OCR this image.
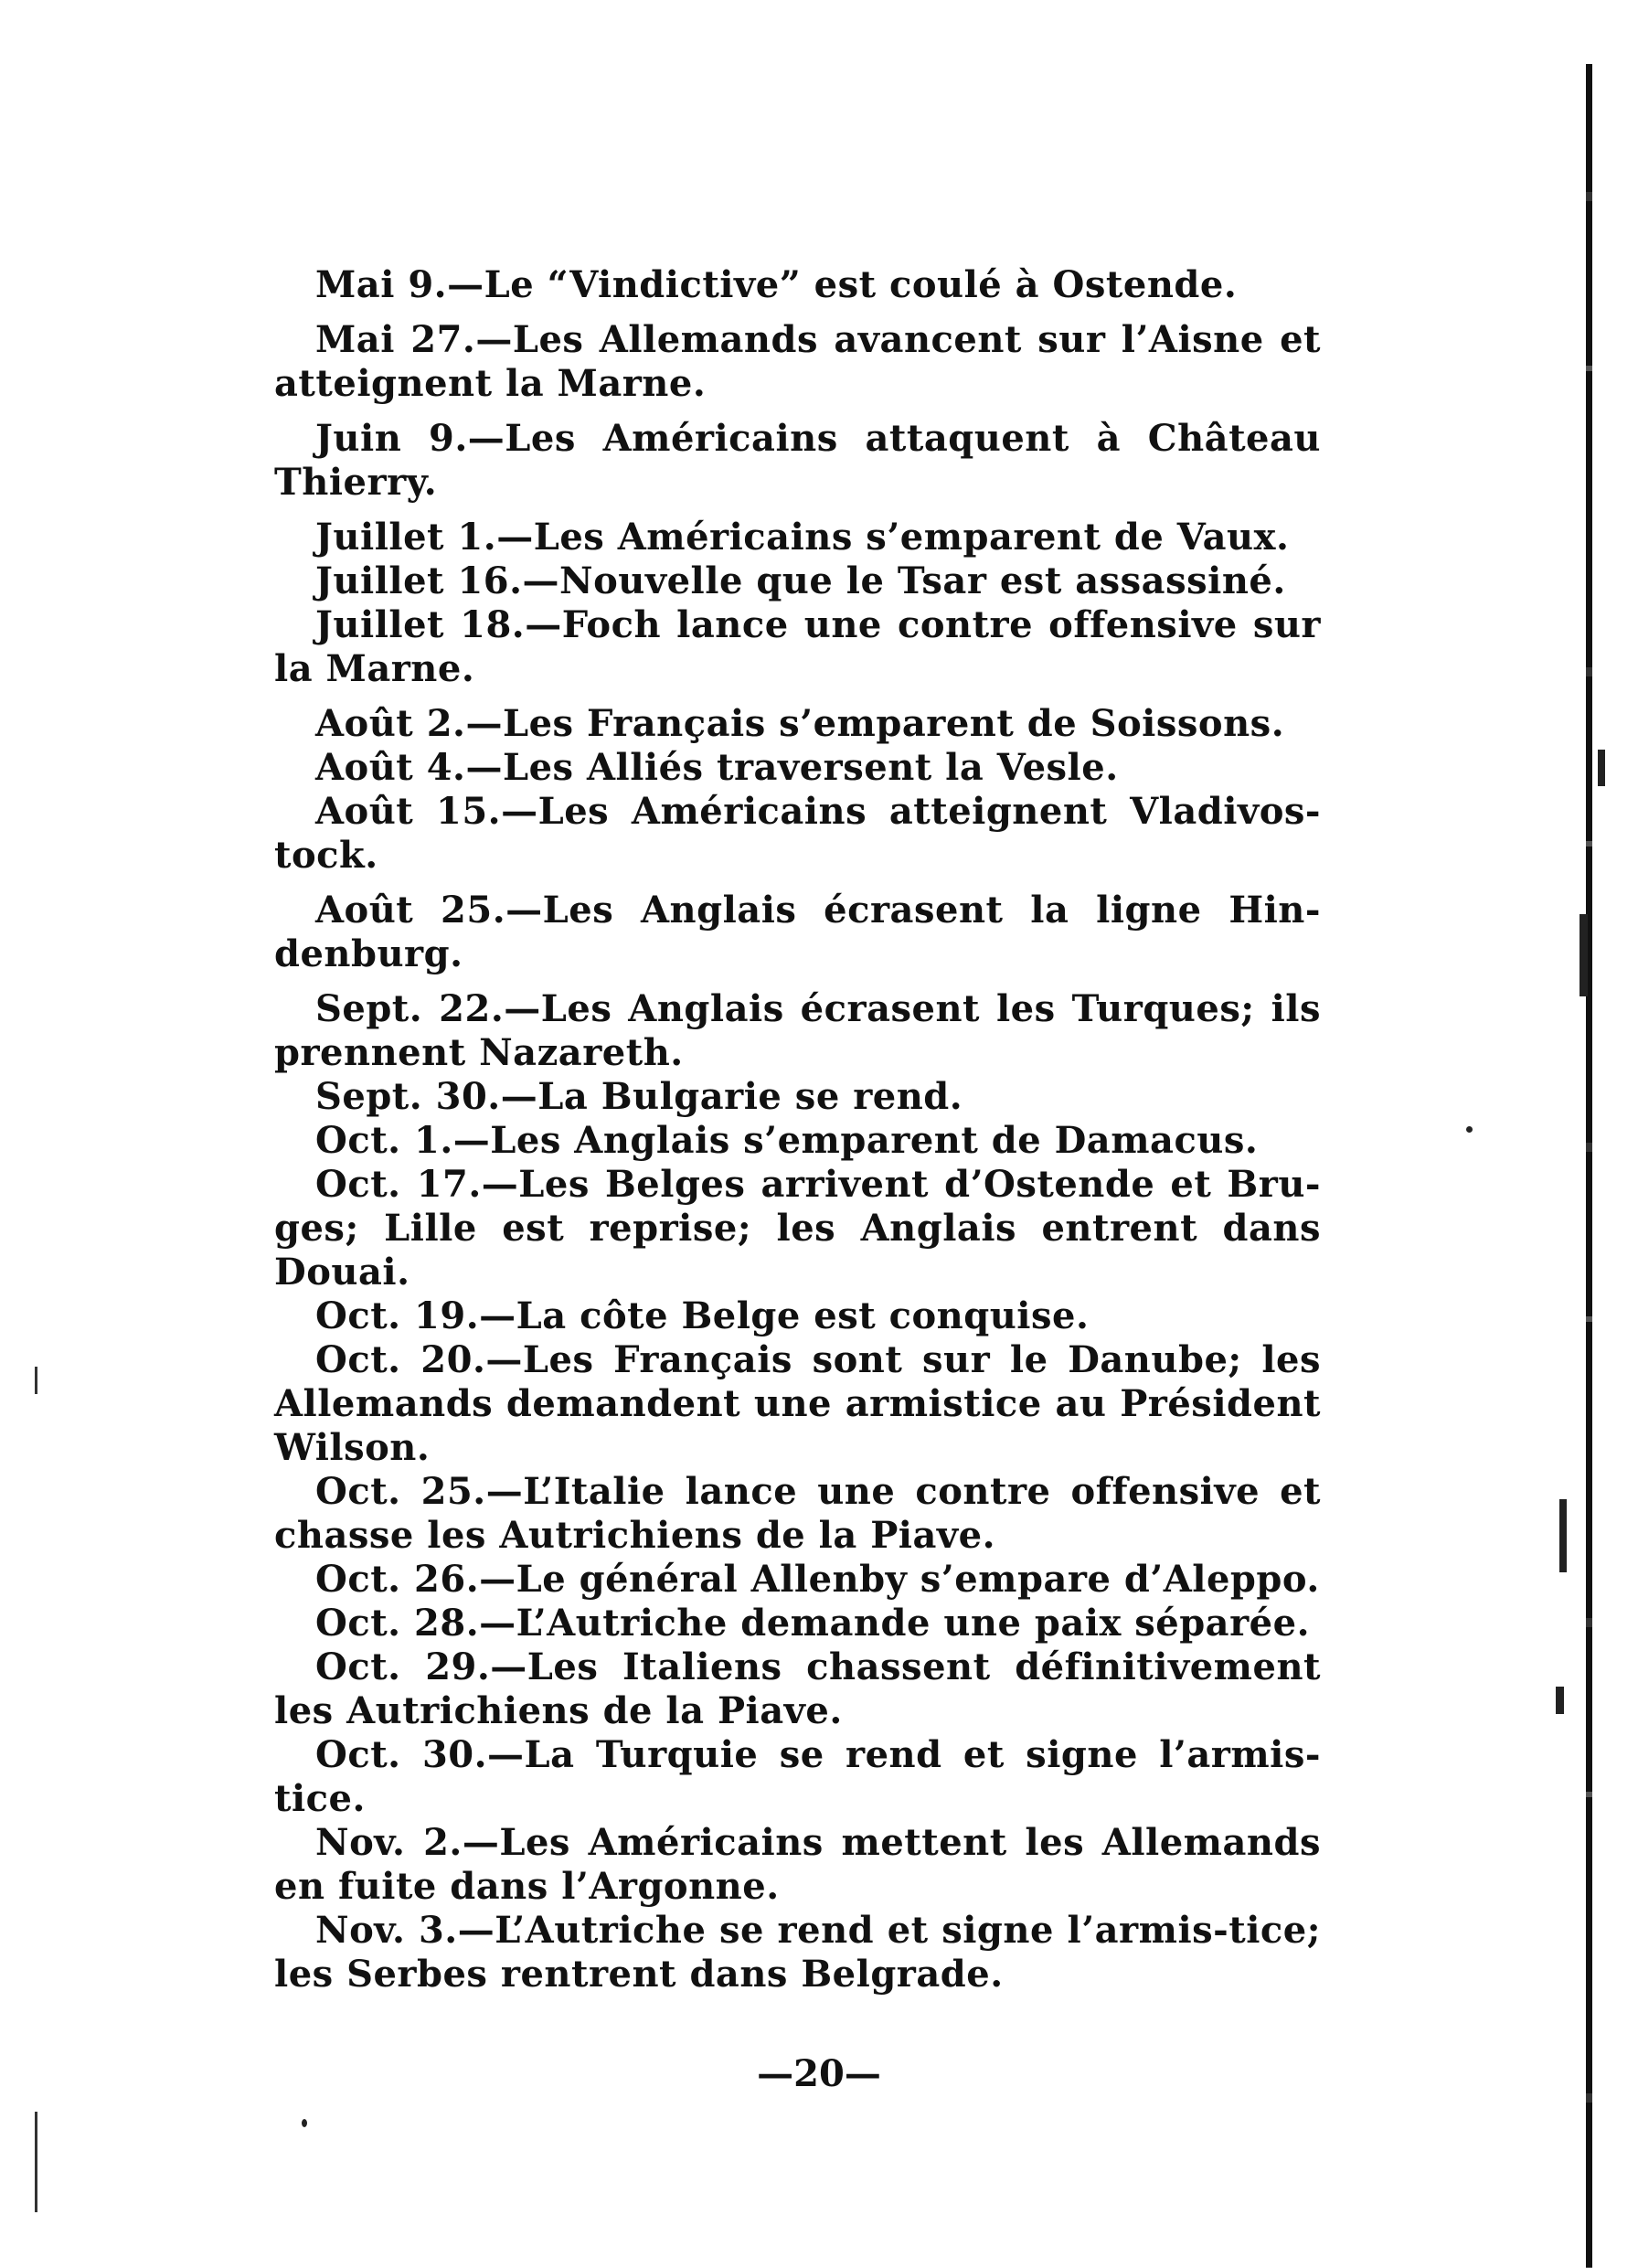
Mai 9.—Le “Vindictive” est coulé à Ostende.

Mai 27.—Les Allemands avancent sur l’Aisne et atteignent la Marne.

Juin 9.—Les Américains attaquent à Château Thierry.

Juillet 1.—Les Américains s’emparent de Vaux.

Juillet 16.—Nouvelle que le Tsar est assassiné.

Juillet 18.—Foch lance une contre offensive sur la Marne.

Août 2.—Les Français s’emparent de Soissons.

Août 4.—Les Alliés traversent la Vesle.

Août 15.—Les Américains atteignent Vladivos-tock.

Août 25.—Les Anglais écrasent la ligne Hin-denburg.

Sept. 22.—Les Anglais écrasent les Turques; ils prennent Nazareth.

Sept. 30.—La Bulgarie se rend.

Oct. 1.—Les Anglais s’emparent de Damacus.

Oct. 17.—Les Belges arrivent d’Ostende et Bru-ges; Lille est reprise; les Anglais entrent dans Douai.

Oct. 19.—La côte Belge est conquise.

Oct. 20.—Les Français sont sur le Danube; les Allemands demandent une armistice au Président Wilson.

Oct. 25.—L’Italie lance une contre offensive et chasse les Autrichiens de la Piave.

Oct. 26.—Le général Allenby s’empare d’Aleppo.

Oct. 28.—L’Autriche demande une paix séparée.

Oct. 29.—Les Italiens chassent définitivement les Autrichiens de la Piave.

Oct. 30.—La Turquie se rend et signe l’armis-tice.

Nov. 2.—Les Américains mettent les Allemands en fuite dans l’Argonne.

Nov. 3.—L’Autriche se rend et signe l’armis-tice; les Serbes rentrent dans Belgrade.

—20—
